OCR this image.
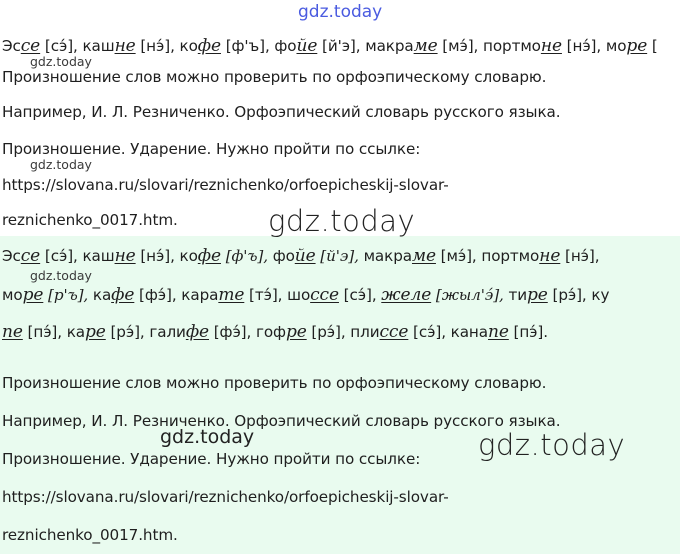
gdz.today
Эссе [сэ́], кашне [нэ́], кофе [ф'ъ], фойе [й'э], макраме [мэ́], портмоне [нэ́], море [
gdz.today
Произношение слов можно проверить по орфоэпическому словарю.
Например, И. Л. Резниченко. Орфоэпический словарь русского языка.
Произношение. Ударение. Нужно пройти по ссылке:
gdz.today
https://slovana.ru/slovari/reznichenko/orfoepicheskij-slovar-
reznichenko_0017.htm.	gdz.today
Эссе [сэ́], кашне [нэ́], кофе [ф'ъ], фойе [й'э], макраме [мэ́], портмоне [нэ́],
gdz.today
море [р'ъ], кафе [фэ́], карате [тэ́], шоссе [сэ́], желе [жыл'э́], тире [рэ́], ку
пе [пэ́], каре [рэ́], галифе [фэ́], гофре [рэ́], плиссе [сэ́], канапе [пэ́].
Произношение слов можно проверить по орфоэпическому словарю.
Например, И. Л. Резниченко. Орфоэпический словарь русского языка.
gdz.today	gdz.today
Произношение. Ударение. Нужно пройти по ссылке:
https://slovana.ru/slovari/reznichenko/orfoepicheskij-slovar-
reznichenko_0017.htm.
